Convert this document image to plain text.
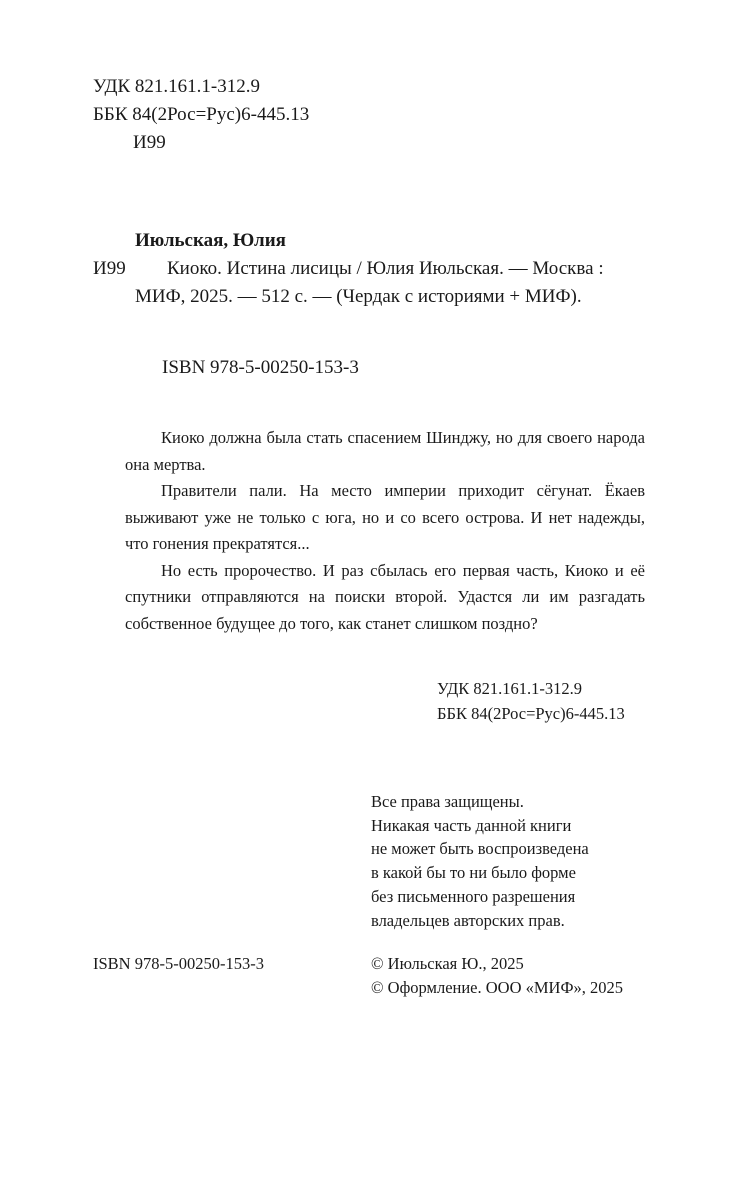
УДК 821.161.1-312.9
ББК 84(2Рос=Рус)6-445.13
И99
Июльская, Юлия
И99 Киоко. Истина лисицы / Юлия Июльская. — Москва :
МИФ, 2025. — 512 с. — (Чердак с историями + МИФ).
ISBN 978-5-00250-153-3

Киоко должна была стать спасением Шинджу, но для своего народа она мертва.

Правители пали. На место империи приходит сёгунат. Ёкаев выживают уже не только с юга, но и со всего острова. И нет надежды, что гонения прекратятся...

Но есть пророчество. И раз сбылась его первая часть, Киоко и её спутники отправляются на поиски второй. Удастся ли им разгадать собственное будущее до того, как станет слишком поздно?

УДК 821.161.1-312.9
ББК 84(2Рос=Рус)6-445.13
Все права защищены.
Никакая часть данной книги
не может быть воспроизведена
в какой бы то ни было форме
без письменного разрешения
владельцев авторских прав.
ISBN 978-5-00250-153-3	© Июльская Ю., 2025
© Оформление. ООО «МИФ», 2025
